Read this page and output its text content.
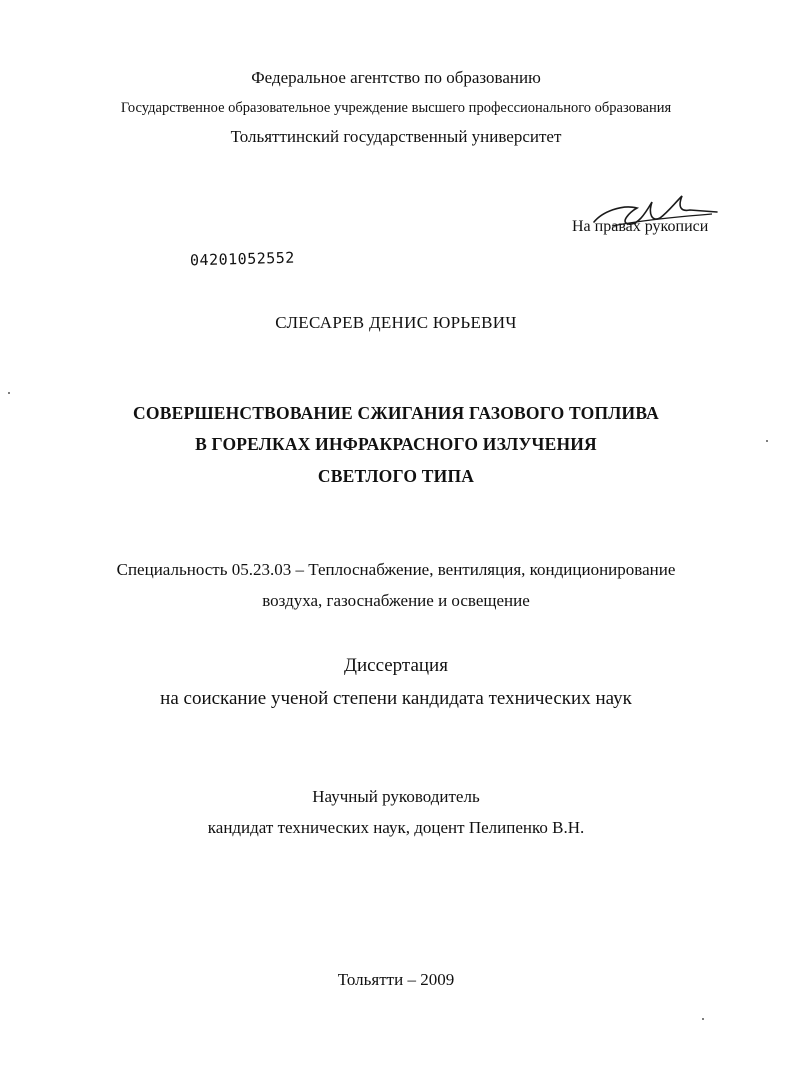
Федеральное агентство по образованию
Государственное образовательное учреждение высшего профессионального образования
Тольяттинский государственный университет
На правах рукописи
04201052552
СЛЕСАРЕВ ДЕНИС ЮРЬЕВИЧ
СОВЕРШЕНСТВОВАНИЕ СЖИГАНИЯ ГАЗОВОГО ТОПЛИВА
В ГОРЕЛКАХ ИНФРАКРАСНОГО ИЗЛУЧЕНИЯ
СВЕТЛОГО ТИПА
Специальность 05.23.03 – Теплоснабжение, вентиляция, кондиционирование
воздуха, газоснабжение и освещение
Диссертация
на соискание ученой степени кандидата технических наук
Научный руководитель
кандидат технических наук, доцент Пелипенко В.Н.
Тольятти – 2009
